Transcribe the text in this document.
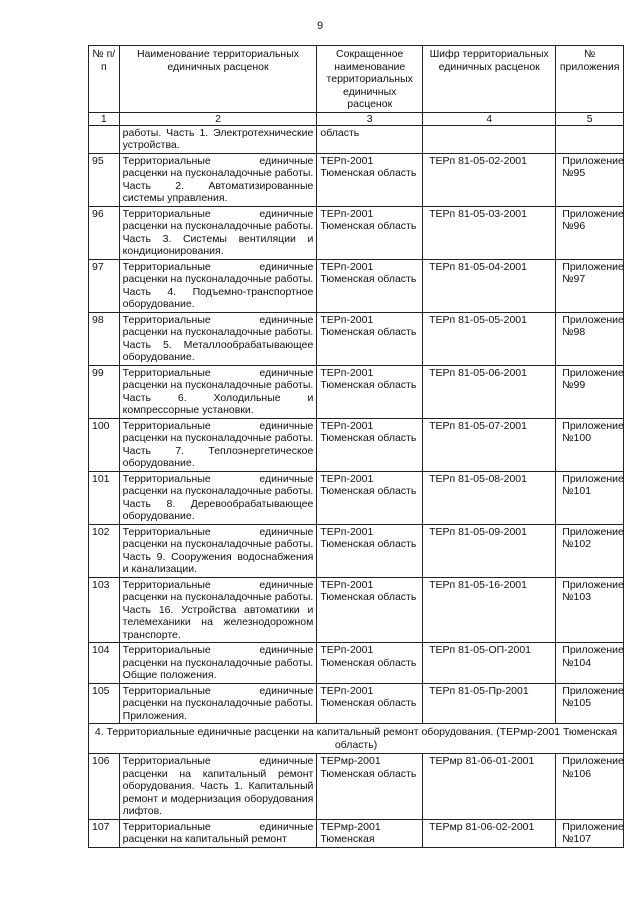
9
№ п/п	Наименование территориальных единичных расценок	Сокращенное наименование территориальных единичных расценок	Шифр территориальных единичных расценок	№ приложения
1	2	3	4	5
	работы. Часть 1. Электротехнические устройства.	область		
95	Территориальные единичные расценки на пусконаладочные работы. Часть 2. Автоматизированные системы управления.	ТЕРп-2001 Тюменская область	ТЕРп 81-05-02-2001	Приложение №95
96	Территориальные единичные расценки на пусконаладочные работы. Часть 3. Системы вентиляции и кондиционирования.	ТЕРп-2001 Тюменская область	ТЕРп 81-05-03-2001	Приложение №96
97	Территориальные единичные расценки на пусконаладочные работы. Часть 4. Подъемно-транспортное оборудование.	ТЕРп-2001 Тюменская область	ТЕРп 81-05-04-2001	Приложение №97
98	Территориальные единичные расценки на пусконаладочные работы. Часть 5. Металлообрабатывающее оборудование.	ТЕРп-2001 Тюменская область	ТЕРп 81-05-05-2001	Приложение №98
99	Территориальные единичные расценки на пусконаладочные работы. Часть 6. Холодильные и компрессорные установки.	ТЕРп-2001 Тюменская область	ТЕРп 81-05-06-2001	Приложение №99
100	Территориальные единичные расценки на пусконаладочные работы. Часть 7. Теплоэнергетическое оборудование.	ТЕРп-2001 Тюменская область	ТЕРп 81-05-07-2001	Приложение №100
101	Территориальные единичные расценки на пусконаладочные работы. Часть 8. Деревообрабатывающее оборудование.	ТЕРп-2001 Тюменская область	ТЕРп 81-05-08-2001	Приложение №101
102	Территориальные единичные расценки на пусконаладочные работы. Часть 9. Сооружения водоснабжения и канализации.	ТЕРп-2001 Тюменская область	ТЕРп 81-05-09-2001	Приложение №102
103	Территориальные единичные расценки на пусконаладочные работы. Часть 16. Устройства автоматики и телемеханики на железнодорожном транспорте.	ТЕРп-2001 Тюменская область	ТЕРп 81-05-16-2001	Приложение №103
104	Территориальные единичные расценки на пусконаладочные работы. Общие положения.	ТЕРп-2001 Тюменская область	ТЕРп 81-05-ОП-2001	Приложение №104
105	Территориальные единичные расценки на пусконаладочные работы. Приложения.	ТЕРп-2001 Тюменская область	ТЕРп 81-05-Пр-2001	Приложение №105
4. Территориальные единичные расценки на капитальный ремонт оборудования. (ТЕРмр-2001 Тюменская область)				
106	Территориальные единичные расценки на капитальный ремонт оборудования. Часть 1. Капитальный ремонт и модернизация оборудования лифтов.	ТЕРмр-2001 Тюменская область	ТЕРмр 81-06-01-2001	Приложение №106
107	Территориальные единичные расценки на капитальный ремонт	ТЕРмр-2001 Тюменская	ТЕРмр 81-06-02-2001	Приложение №107
